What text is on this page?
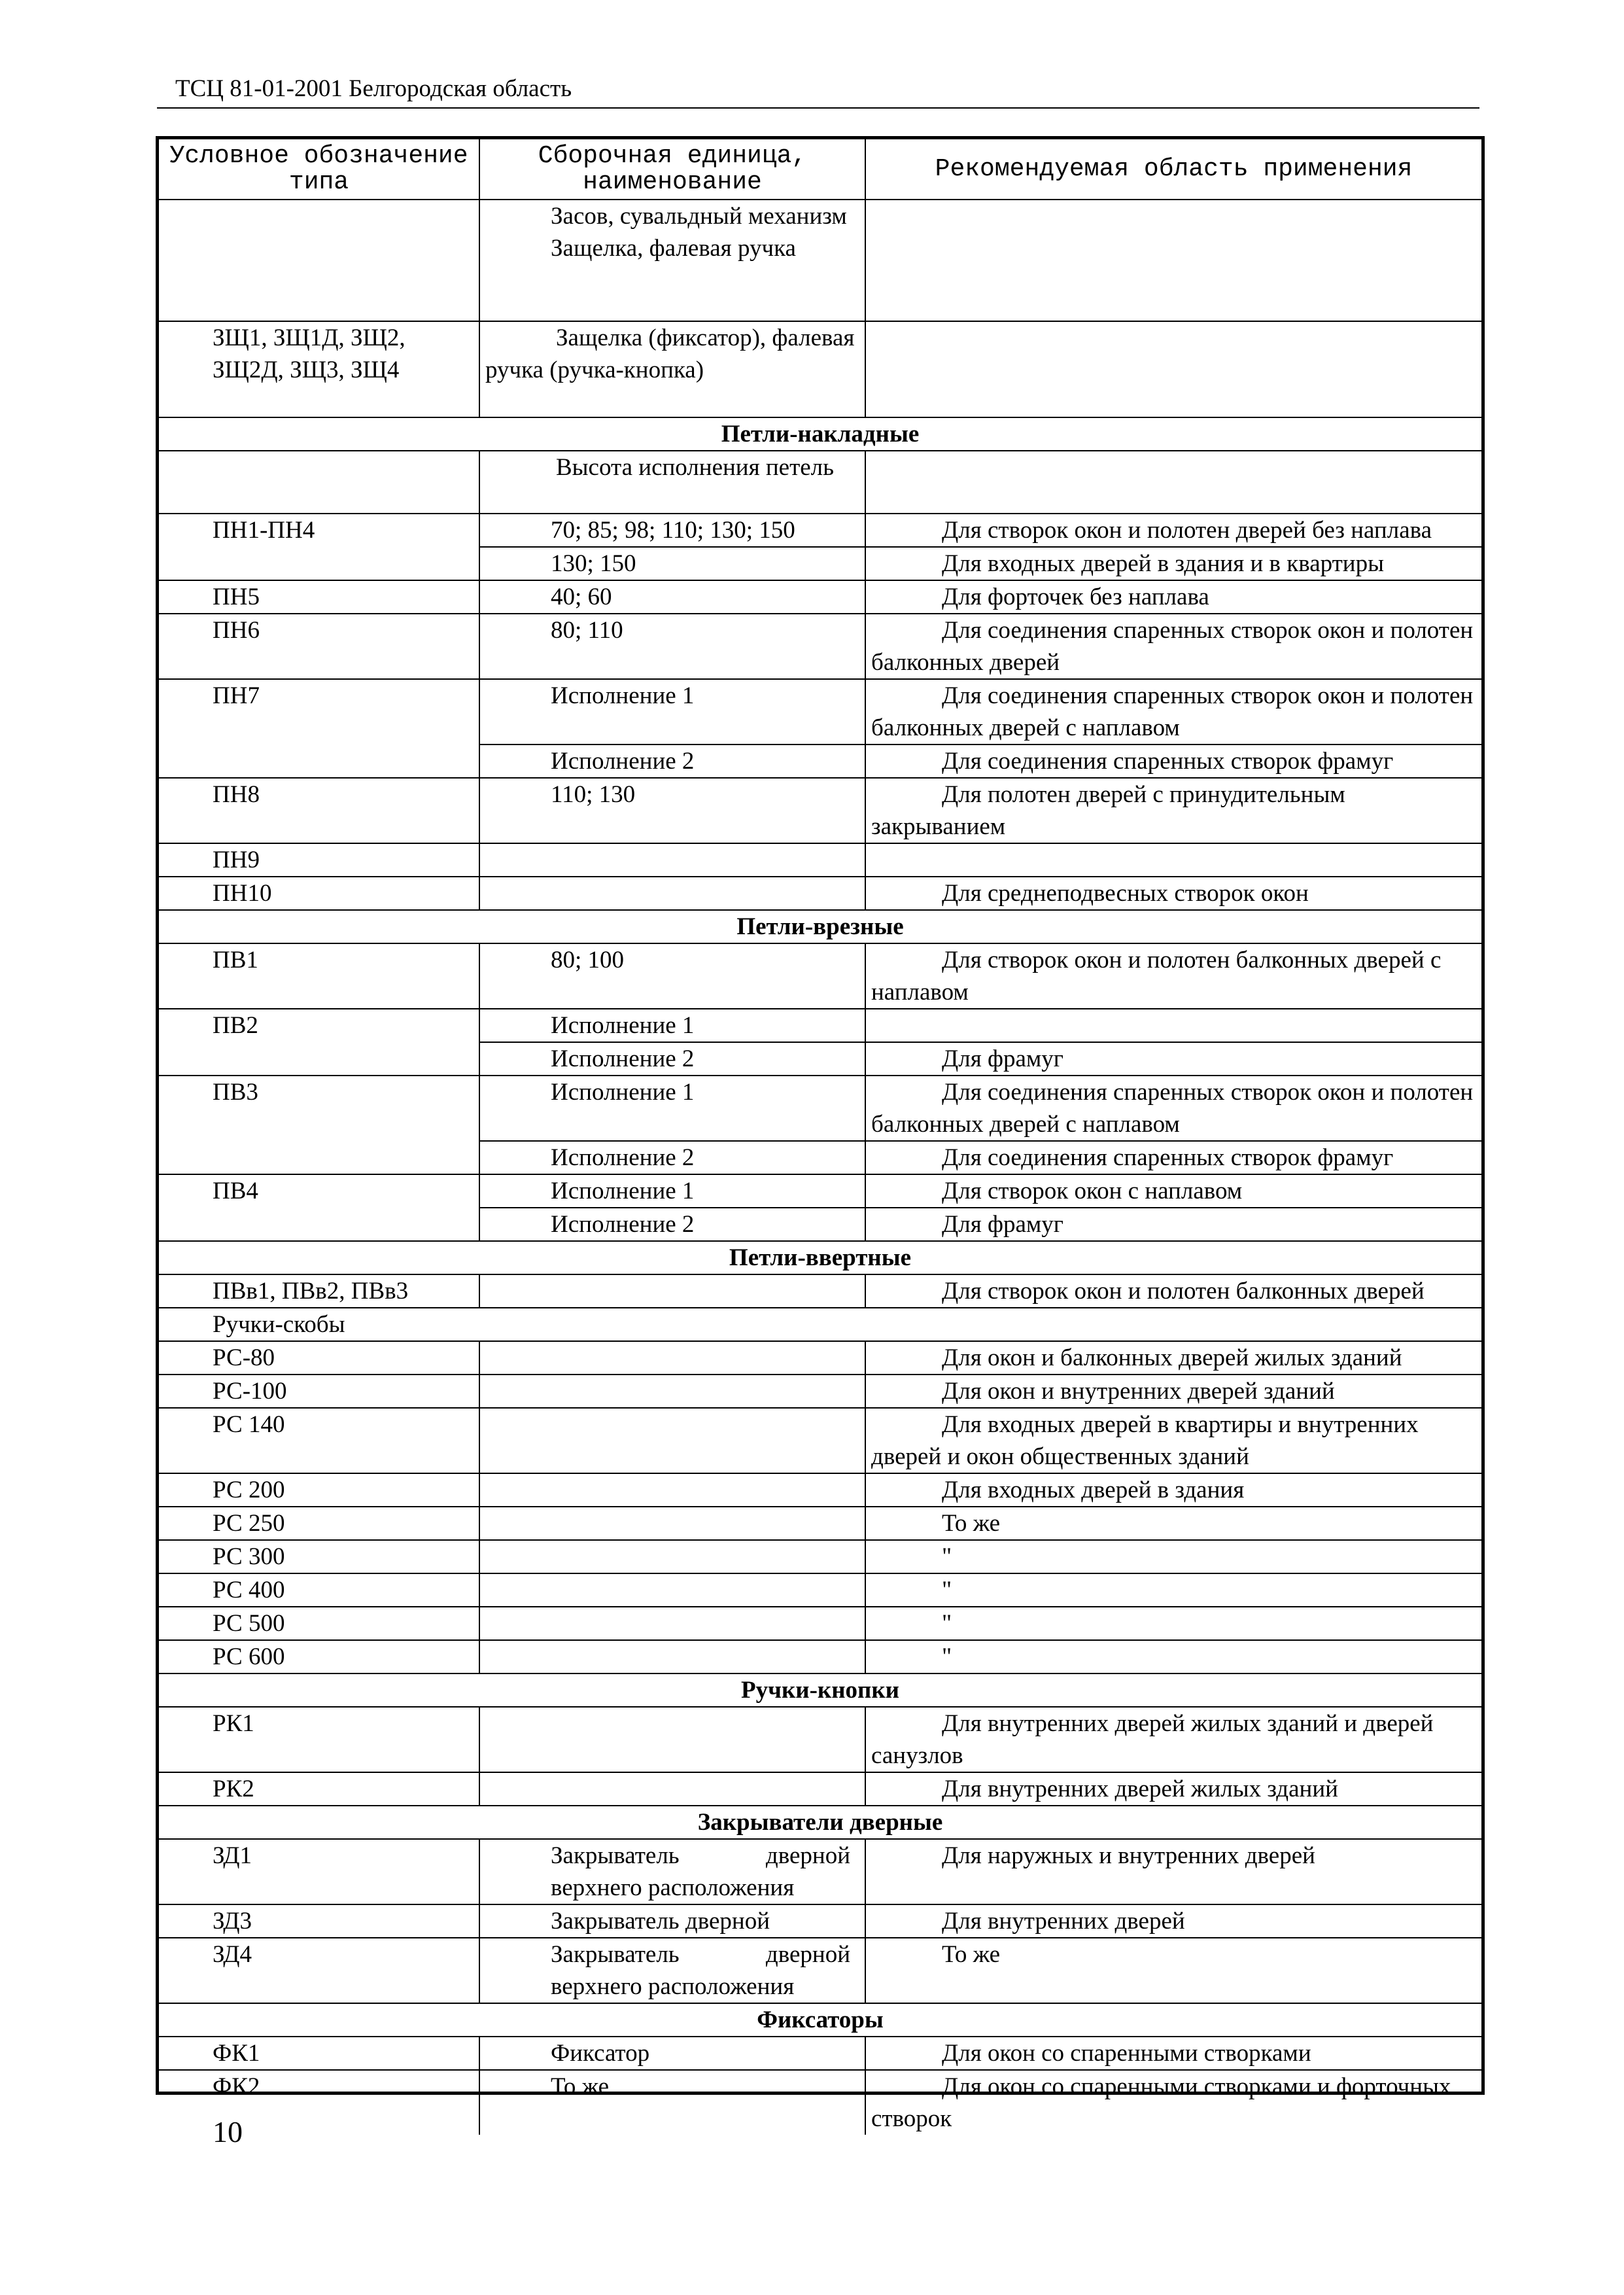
ТСЦ 81-01-2001 Белгородская область
Условное обозначение типа	Сборочная единица, наименование	Рекомендуемая область применения

	Засов, сувальдный механизм
Защелка, фалевая ручка	

ЗЩ1, ЗЩ1Д, ЗЩ2, ЗЩ2Д, ЗЩ3, ЗЩ4	Защелка (фиксатор), фалевая ручка (ручка-кнопка)	
Петли-накладные		
	Высота исполнения петель	
ПН1-ПН4	70; 85; 98; 110; 130; 150	Для створок окон и полотен дверей без наплава
	130; 150	Для входных дверей в здания и в квартиры
ПН5	40; 60	Для форточек без наплава
ПН6	80; 110	Для соединения спаренных створок окон и полотен балконных дверей
ПН7	Исполнение 1	Для соединения спаренных створок окон и полотен балконных дверей с наплавом
	Исполнение 2	Для соединения спаренных створок фрамуг
ПН8	110; 130	Для полотен дверей с принудительным закрыванием
ПН9		
ПН10		Для среднеподвесных створок окон
Петли-врезные		
ПВ1	80; 100	Для створок окон и полотен балконных дверей с наплавом
ПВ2	Исполнение 1	
	Исполнение 2	Для фрамуг
ПВ3	Исполнение 1	Для соединения спаренных створок окон и полотен балконных дверей с наплавом
	Исполнение 2	Для соединения спаренных створок фрамуг
ПВ4	Исполнение 1	Для створок окон с наплавом
	Исполнение 2	Для фрамуг
Петли-ввертные		
ПВв1, ПВв2, ПВв3		Для створок окон и полотен балконных дверей
Ручки-скобы		
РС-80		Для окон и балконных дверей жилых зданий
РС-100		Для окон и внутренних дверей зданий
РС 140		Для входных дверей в квартиры и внутренних дверей и окон общественных зданий
РС 200		Для входных дверей в здания
РС 250		То же
РС 300		"
РС 400		"
РС 500		"
РС 600		"
Ручки-кнопки		
РК1		Для внутренних дверей жилых зданий и дверей санузлов
РК2		Для внутренних дверей жилых зданий
Закрыватели дверные		
ЗД1	Закрыватель дверной верхнего расположения	Для наружных и внутренних дверей
ЗД3	Закрыватель дверной	Для внутренних дверей
ЗД4	Закрыватель дверной верхнего расположения	То же
Фиксаторы		
ФК1	Фиксатор	Для окон со спаренными створками
ФК2	То же	Для окон со спаренными створками и форточных створок
10
